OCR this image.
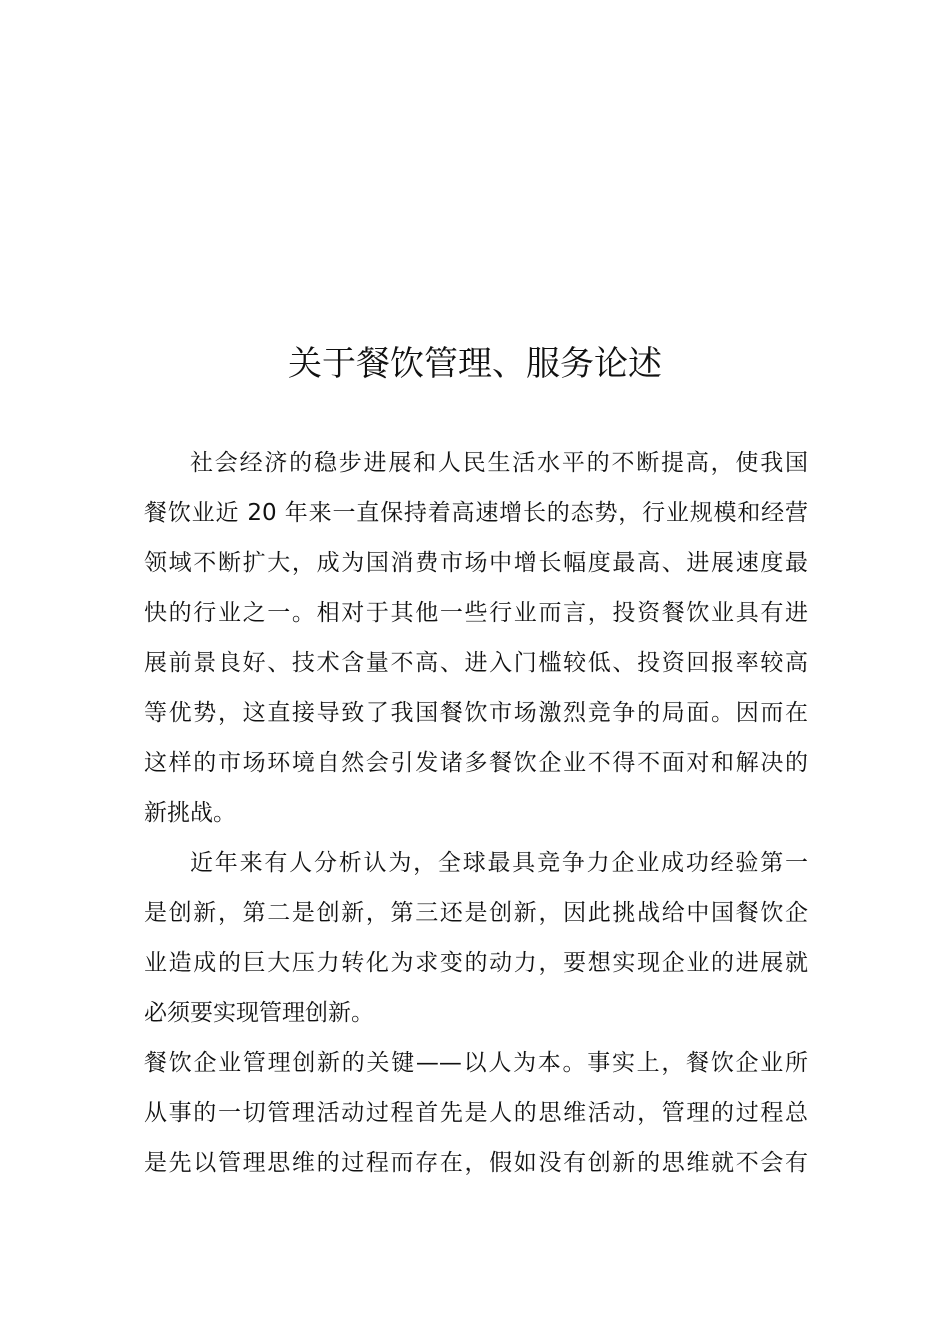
关于餐饮管理、服务论述
社会经济的稳步进展和人民生活水平的不断提高，使我国
餐饮业近 20 年来一直保持着高速增长的态势，行业规模和经营
领域不断扩大，成为国消费市场中增长幅度最高、进展速度最
快的行业之一。相对于其他一些行业而言，投资餐饮业具有进
展前景良好、技术含量不高、进入门槛较低、投资回报率较高
等优势，这直接导致了我国餐饮市场激烈竞争的局面。因而在
这样的市场环境自然会引发诸多餐饮企业不得不面对和解决的
新挑战。
近年来有人分析认为，全球最具竞争力企业成功经验第一
是创新，第二是创新，第三还是创新，因此挑战给中国餐饮企
业造成的巨大压力转化为求变的动力，要想实现企业的进展就
必须要实现管理创新。
餐饮企业管理创新的关键——以人为本。事实上，餐饮企业所
从事的一切管理活动过程首先是人的思维活动，管理的过程总
是先以管理思维的过程而存在，假如没有创新的思维就不会有
